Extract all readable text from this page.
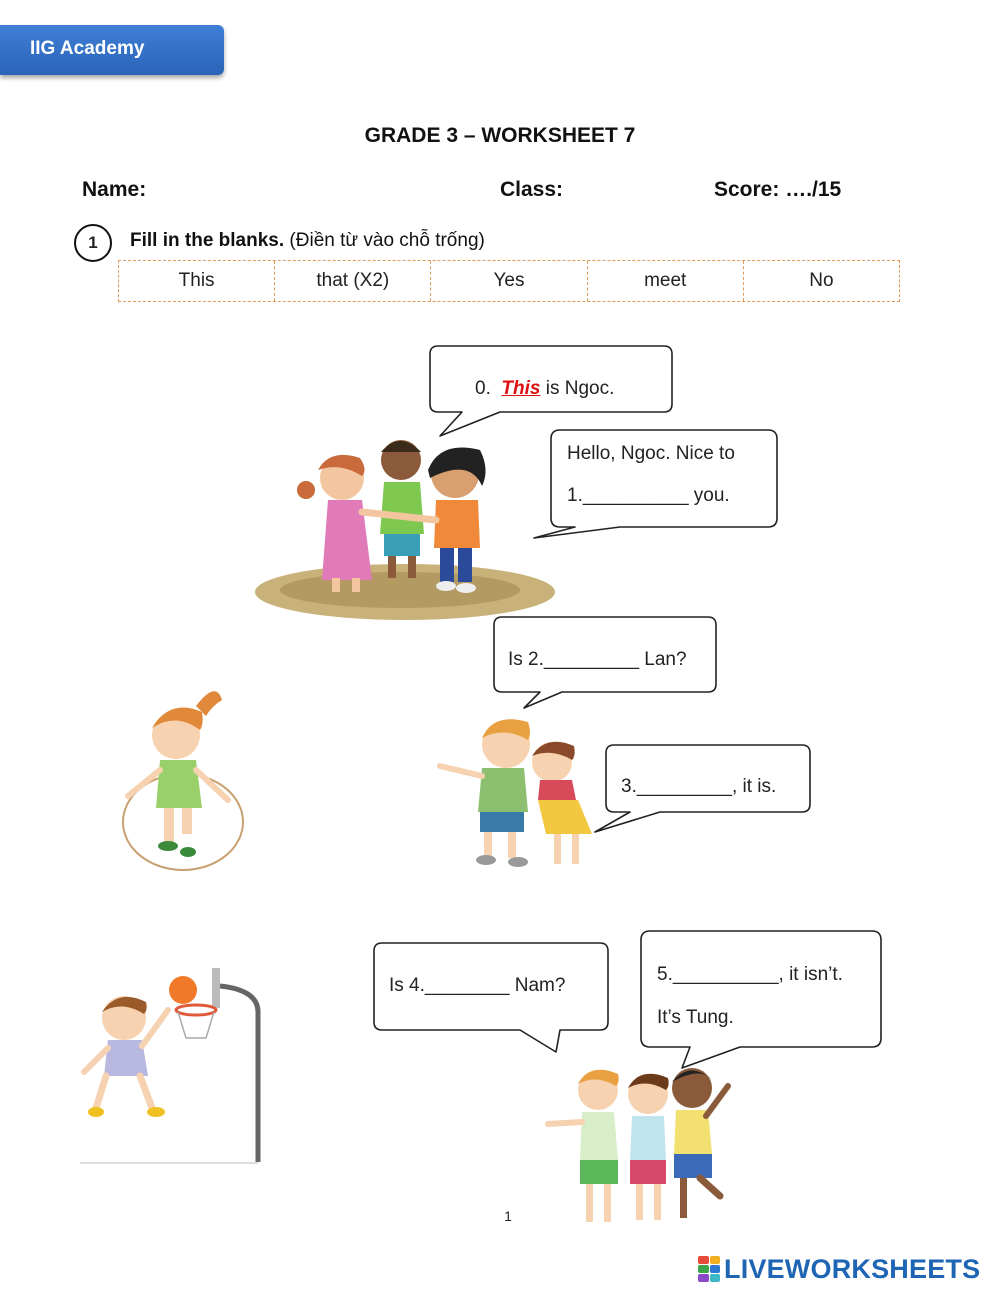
IIG Academy
GRADE 3 – WORKSHEET 7
Name:	Class:	Score: …./15
1	Fill in the blanks. (Điền từ vào chỗ trống)
This	that (X2)	Yes	meet	No
0. This is Ngoc.
Hello, Ngoc. Nice to
1.__________ you.
Is 2._________ Lan?
3._________, it is.
Is 4.________ Nam?
5.__________, it isn’t.
It’s Tung.
1
LIVEWORKSHEETS
